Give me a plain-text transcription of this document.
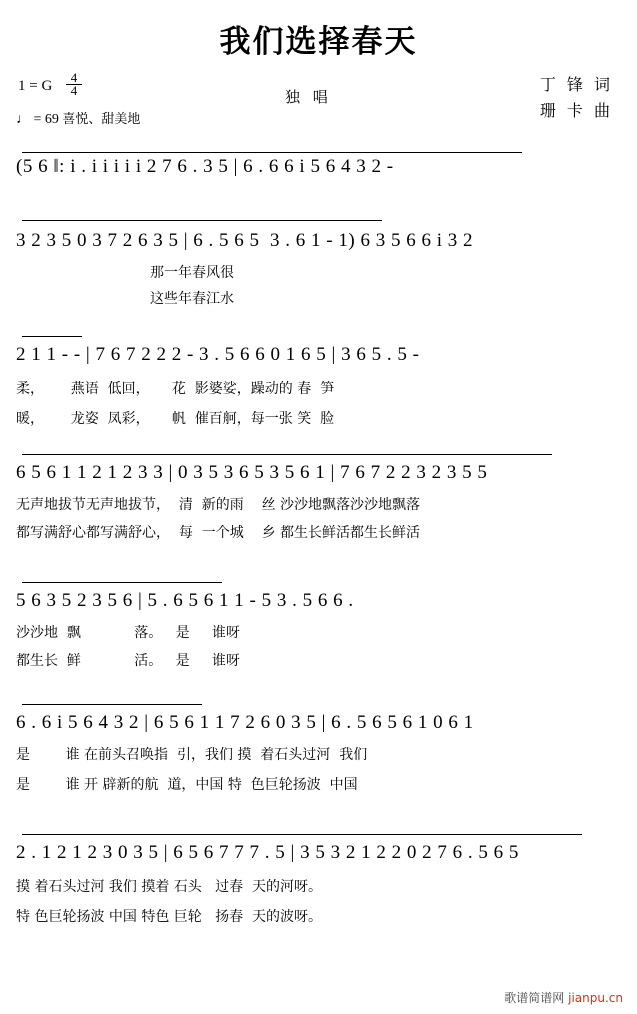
我们选择春天
1 = G $\frac{4}{4}$
♩ = 69 喜悦、甜美地
独 唱
丁 锋 词
珊 卡 曲
(5 6 ‖: i . i i i i i 2 7 6 . 3 5 | 6 . 6 6 i 5 6 4 3 2 -
3 2 3 5 0 3 7 2 6 3 5 | 6 . 5 6 5  3 . 6 1 - 1) 6 3 5 6 6 i 3 2
那一年春风很
这些年春江水
2 1 1 - - | 7 6 7 2 2 2 - 3 . 5 6 6 0 1 6 5 | 3 6 5 . 5 -
柔，      燕语  低回，     花  影婆娑，躁动的 春  笋
暖，      龙姿  凤彩，     帆  催百舸，每一张 笑  脸
6 5 6 1 1 2 1 2 3 3 | 0 3 5 3 6 5 3 5 6 1 | 7 6 7 2 2 3 2 3 5 5
无声地拔节无声地拔节，  清  新的雨    丝 沙沙地飘落沙沙地飘落
都写满舒心都写满舒心，  每  一个城    乡 都生长鲜活都生长鲜活
5 6 3 5 2 3 5 6 | 5 . 6 5 6 1 1 - 5 3 . 5 6 6 .
沙沙地  飘            落。   是     谁呀
都生长  鲜            活。   是     谁呀
6 . 6 i 5 6 4 3 2 | 6 5 6 1 1 7 2 6 0 3 5 | 6 . 5 6 5 6 1 0 6 1
是        谁 在前头召唤指  引，我们 摸  着石头过河  我们
是        谁 开 辟新的航  道，中国 特  色巨轮扬波  中国
2 . 1 2 1 2 3 0 3 5 | 6 5 6 7 7 7 . 5 | 3 5 3 2 1 2 2 0 2 7 6 . 5 6 5
摸 着石头过河 我们 摸着 石头   过春  天的河呀。
特 色巨轮扬波 中国 特色 巨轮   扬春  天的波呀。
歌谱简谱网 jianpu.cn
